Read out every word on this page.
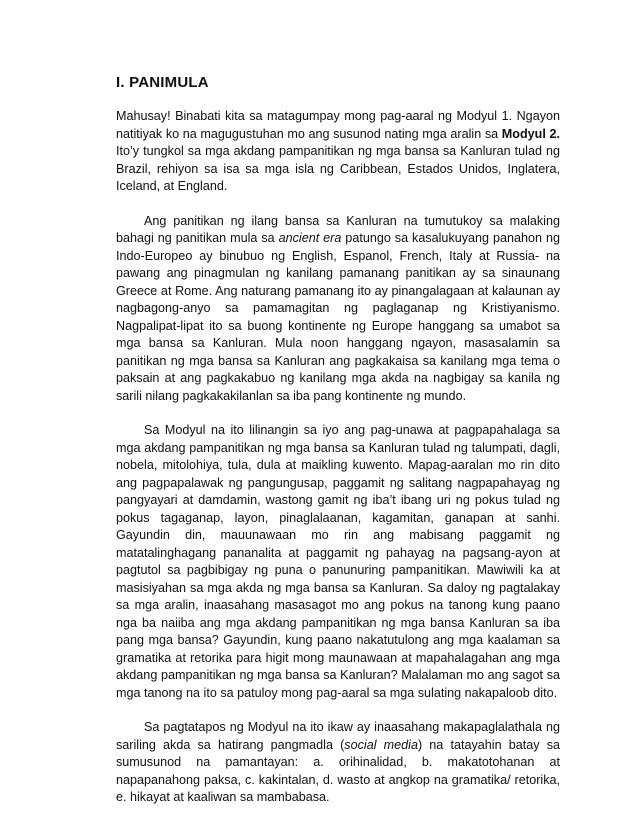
I. PANIMULA

Mahusay! Binabati kita sa matagumpay mong pag-aaral ng Modyul 1. Ngayon natitiyak ko na magugustuhan mo ang susunod nating mga aralin sa Modyul 2. Ito’y tungkol sa mga akdang pampanitikan ng mga bansa sa Kanluran tulad ng Brazil, rehiyon sa isa sa mga isla ng Caribbean, Estados Unidos, Inglatera, Iceland, at England.

Ang panitikan ng ilang bansa sa Kanluran na tumutukoy sa malaking bahagi ng panitikan mula sa ancient era patungo sa kasalukuyang panahon ng Indo-Europeo ay binubuo ng English, Espanol, French, Italy at Russia- na pawang ang pinagmulan ng kanilang pamanang panitikan ay sa sinaunang Greece at Rome. Ang naturang pamanang ito ay pinangalagaan at kalaunan ay nagbagong-anyo sa pamamagitan ng paglaganap ng Kristiyanismo. Nagpalipat-lipat ito sa buong kontinente ng Europe hanggang sa umabot sa mga bansa sa Kanluran. Mula noon hanggang ngayon, masasalamin sa panitikan ng mga bansa sa Kanluran ang pagkakaisa sa kanilang mga tema o paksain at ang pagkakabuo ng kanilang mga akda na nagbigay sa kanila ng sarili nilang pagkakakilanlan sa iba pang kontinente ng mundo.

Sa Modyul na ito lilinangin sa iyo ang pag-unawa at pagpapahalaga sa mga akdang pampanitikan ng mga bansa sa Kanluran tulad ng talumpati, dagli, nobela, mitolohiya, tula, dula at maikling kuwento. Mapag-aaralan mo rin dito ang pagpapalawak ng pangungusap, paggamit ng salitang nagpapahayag ng pangyayari at damdamin, wastong gamit ng iba’t ibang uri ng pokus tulad ng pokus tagaganap, layon, pinaglalaanan, kagamitan, ganapan at sanhi. Gayundin din, mauunawaan mo rin ang mabisang paggamit ng matatalinghagang pananalita at paggamit ng pahayag na pagsang-ayon at pagtutol sa pagbibigay ng puna o panunuring pampanitikan. Mawiwili ka at masisiyahan sa mga akda ng mga bansa sa Kanluran. Sa daloy ng pagtalakay sa mga aralin, inaasahang masasagot mo ang pokus na tanong kung paano nga ba naiiba ang mga akdang pampanitikan ng mga bansa Kanluran sa iba pang mga bansa? Gayundin, kung paano nakatutulong ang mga kaalaman sa gramatika at retorika para higit mong maunawaan at mapahalagahan ang mga akdang pampanitikan ng mga bansa sa Kanluran? Malalaman mo ang sagot sa mga tanong na ito sa patuloy mong pag-aaral sa mga sulating nakapaloob dito.

Sa pagtatapos ng Modyul na ito ikaw ay inaasahang makapaglalathala ng sariling akda sa hatirang pangmadla (social media) na tatayahin batay sa sumusunod na pamantayan: a. orihinalidad, b. makatotohanan at napapanahong paksa, c. kakintalan, d. wasto at angkop na gramatika/ retorika, e. hikayat at kaaliwan sa mambabasa.
